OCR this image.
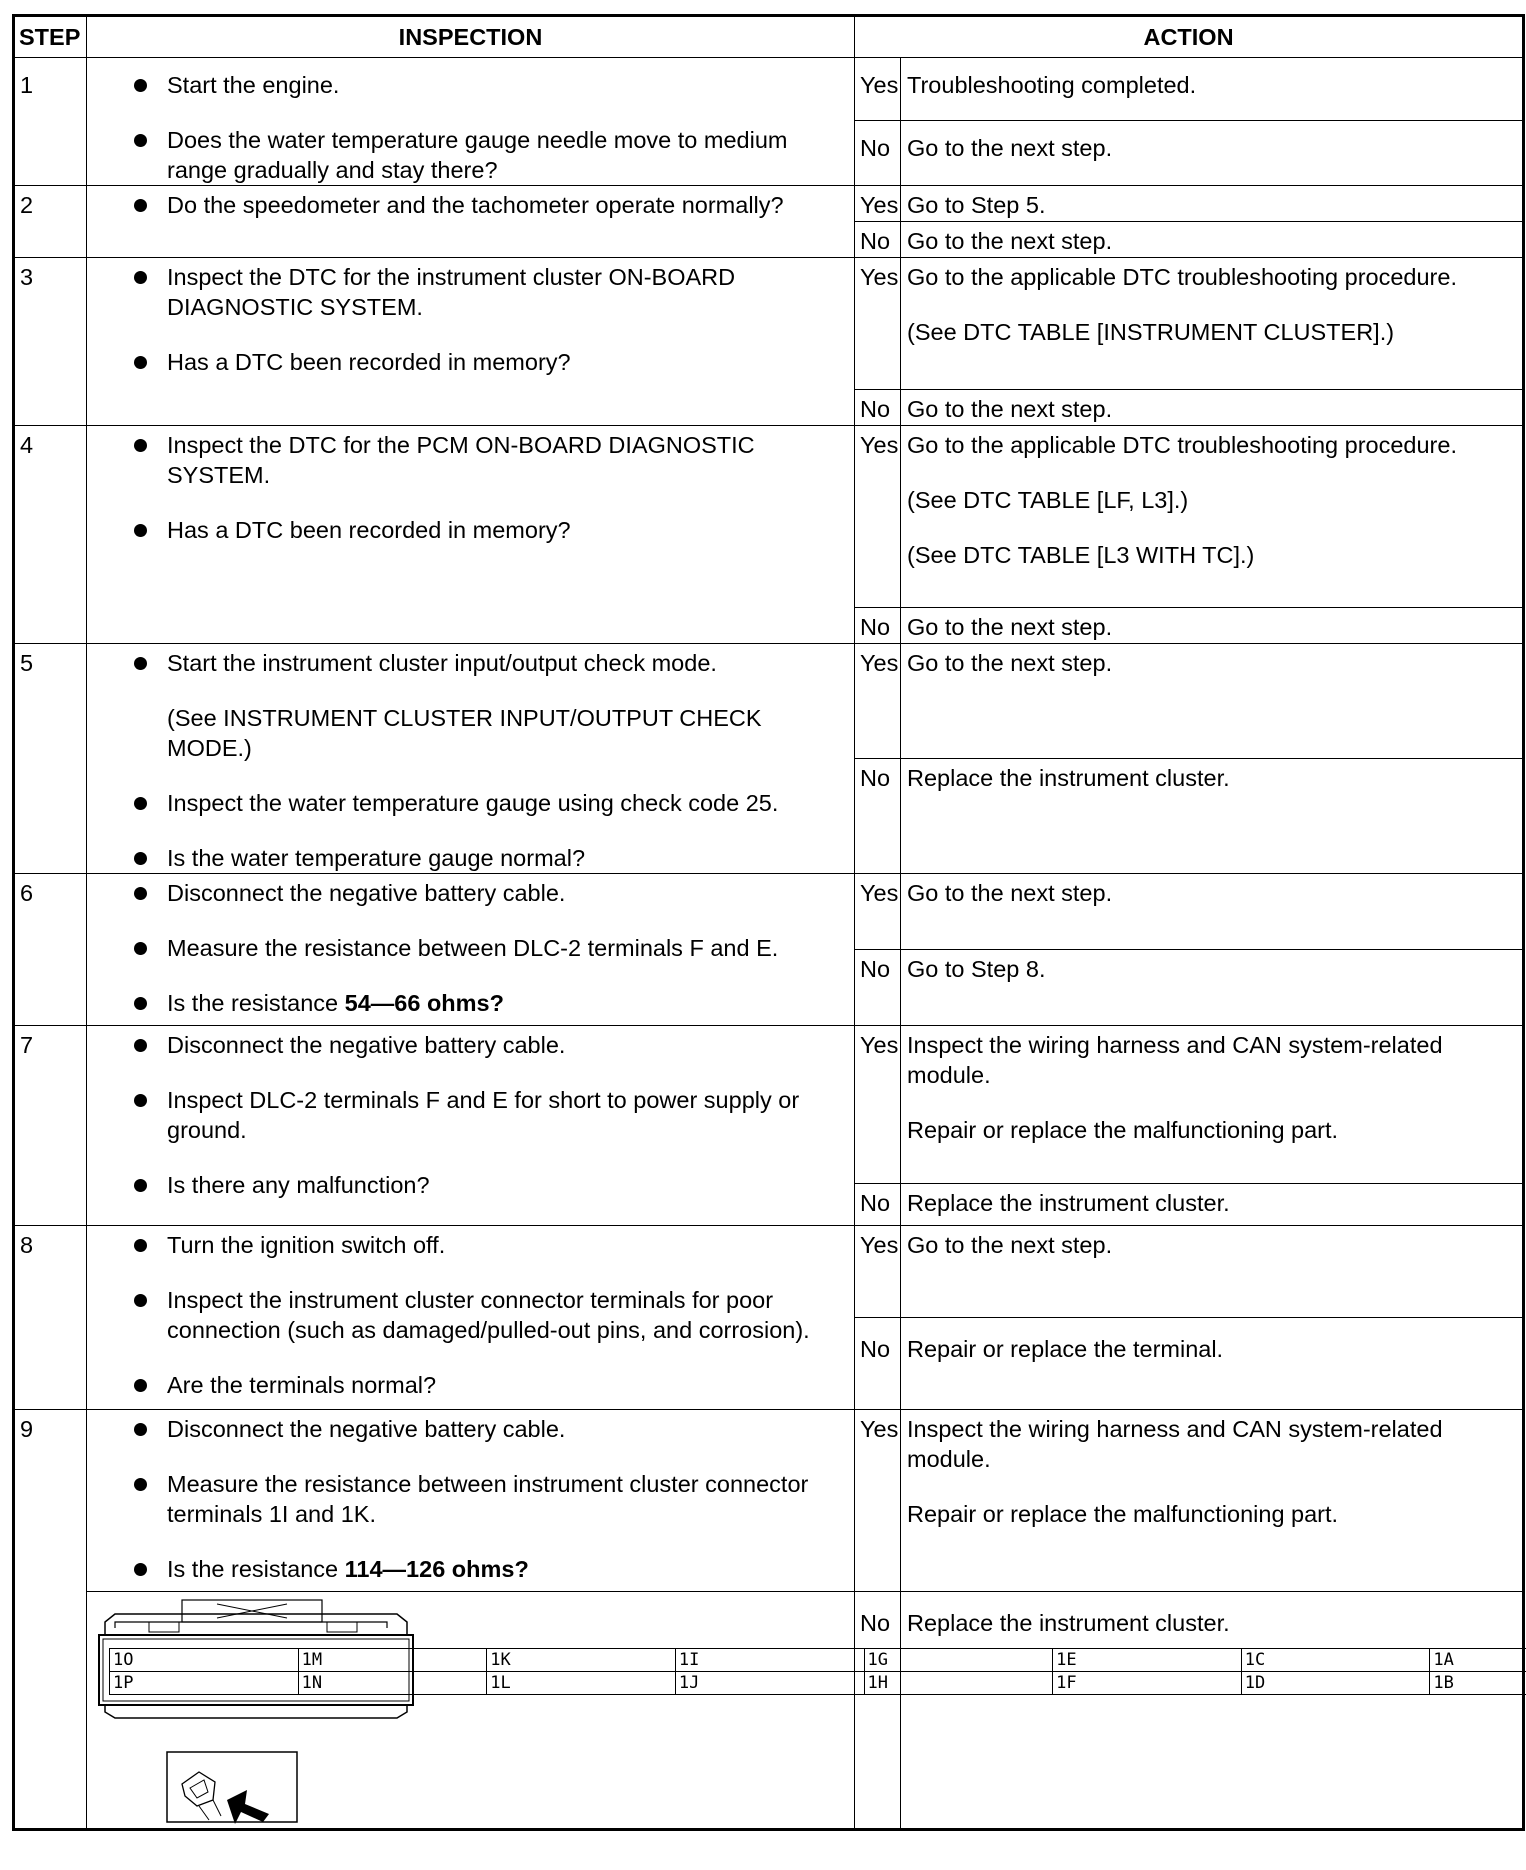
STEP	INSPECTION	ACTION
1	Start the engine.
Does the water temperature gauge needle move to medium range gradually and stay there?
	Yes	Troubleshooting completed.

No	Go to the next step.

2	Do the speedometer and the tachometer operate normally?	Yes	Go to Step 5.

No	Go to the next step.

3	Inspect the DTC for the instrument cluster ON-BOARD DIAGNOSTIC SYSTEM.
Has a DTC been recorded in memory?
	Yes	Go to the applicable DTC troubleshooting procedure.
(See DTC TABLE [INSTRUMENT CLUSTER].)

No	Go to the next step.

4	Inspect the DTC for the PCM ON-BOARD DIAGNOSTIC SYSTEM.
Has a DTC been recorded in memory?
	Yes	Go to the applicable DTC troubleshooting procedure.
(See DTC TABLE [LF, L3].)
(See DTC TABLE [L3 WITH TC].)

No	Go to the next step.

5	Start the instrument cluster input/output check mode.
(See INSTRUMENT CLUSTER INPUT/OUTPUT CHECK MODE.)
Inspect the water temperature gauge using check code 25.
Is the water temperature gauge normal?
	Yes	Go to the next step.

No	Replace the instrument cluster.

6	Disconnect the negative battery cable.
Measure the resistance between DLC-2 terminals F and E.
Is the resistance 54—66 ohms?
	Yes	Go to the next step.

No	Go to Step 8.

7	Disconnect the negative battery cable.
Inspect DLC-2 terminals F and E for short to power supply or ground.
Is there any malfunction?
	Yes	Inspect the wiring harness and CAN system-related module.
Repair or replace the malfunctioning part.

No	Replace the instrument cluster.

8	Turn the ignition switch off.
Inspect the instrument cluster connector terminals for poor connection (such as damaged/pulled-out pins, and corrosion).
Are the terminals normal?
	Yes	Go to the next step.

No	Repair or replace the terminal.

9	Disconnect the negative battery cable.
Measure the resistance between instrument cluster connector terminals 1I and 1K.
Is the resistance 114—126 ohms?
	Yes	Inspect the wiring harness and CAN system-related module.
Repair or replace the malfunctioning part.

1O	1M	1K	1I	1G	1E	1C	1A
1P	1N	1L	1J	1H	1F	1D	1B
	No	Replace the instrument cluster.
